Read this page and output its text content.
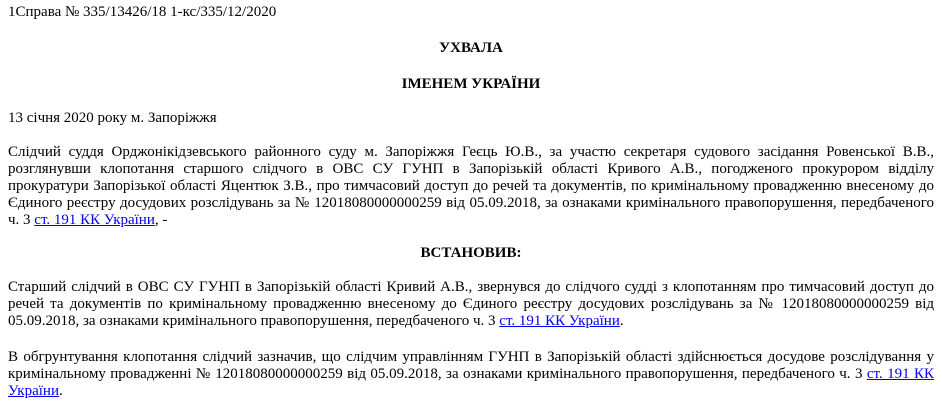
1Справа № 335/13426/18 1-кс/335/12/2020
УХВАЛА
ІМЕНЕМ УКРАЇНИ
13 січня 2020 року м. Запоріжжя

Слідчий суддя Орджонікідзевського районного суду м. Запоріжжя Геєць Ю.В., за участю секретаря судового засідання Ровенської В.В., розглянувши клопотання старшого слідчого в ОВС СУ ГУНП в Запорізькій області Кривого А.В., погодженого прокурором відділу прокуратури Запорізької області Яцентюк З.В., про тимчасовий доступ до речей та документів, по кримінальному провадженню внесеному до Єдиного реєстру досудових розслідувань за № 12018080000000259 від 05.09.2018, за ознаками кримінального правопорушення, передбаченого ч. 3 ст. 191 КК України, -

ВСТАНОВИВ:

Старший слідчий в ОВС СУ ГУНП в Запорізькій області Кривий А.В., звернувся до слідчого судді з клопотанням про тимчасовий доступ до речей та документів по кримінальному провадженню внесеному до Єдиного реєстру досудових розслідувань за № 12018080000000259 від 05.09.2018, за ознаками кримінального правопорушення, передбаченого ч. 3 ст. 191 КК України.

В обгрунтування клопотання слідчий зазначив, що слідчим управлінням ГУНП в Запорізькій області здійснюється досудове розслідування у кримінальному провадженні № 12018080000000259 від 05.09.2018, за ознаками кримінального правопорушення, передбаченого ч. 3 ст. 191 КК України.
